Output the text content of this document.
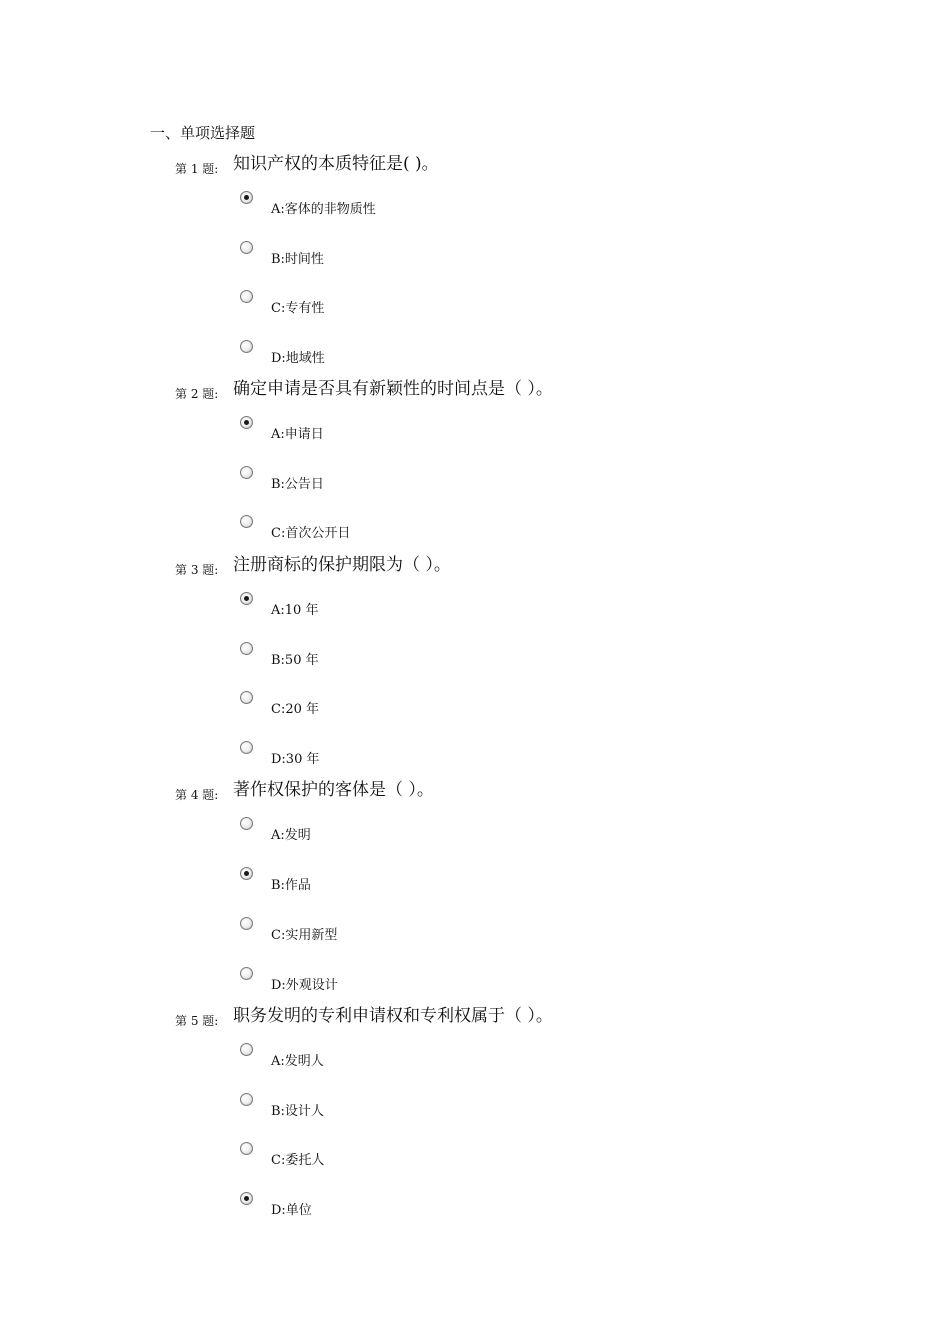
一、单项选择题
第 1 题: 知识产权的本质特征是( )。
A:客体的非物质性
B:时间性
C:专有性
D:地域性
第 2 题: 确定申请是否具有新颖性的时间点是（ ）。
A:申请日
B:公告日
C:首次公开日
第 3 题: 注册商标的保护期限为（ ）。
A:10 年
B:50 年
C:20 年
D:30 年
第 4 题: 著作权保护的客体是（ ）。
A:发明
B:作品
C:实用新型
D:外观设计
第 5 题: 职务发明的专利申请权和专利权属于（ ）。
A:发明人
B:设计人
C:委托人
D:单位
